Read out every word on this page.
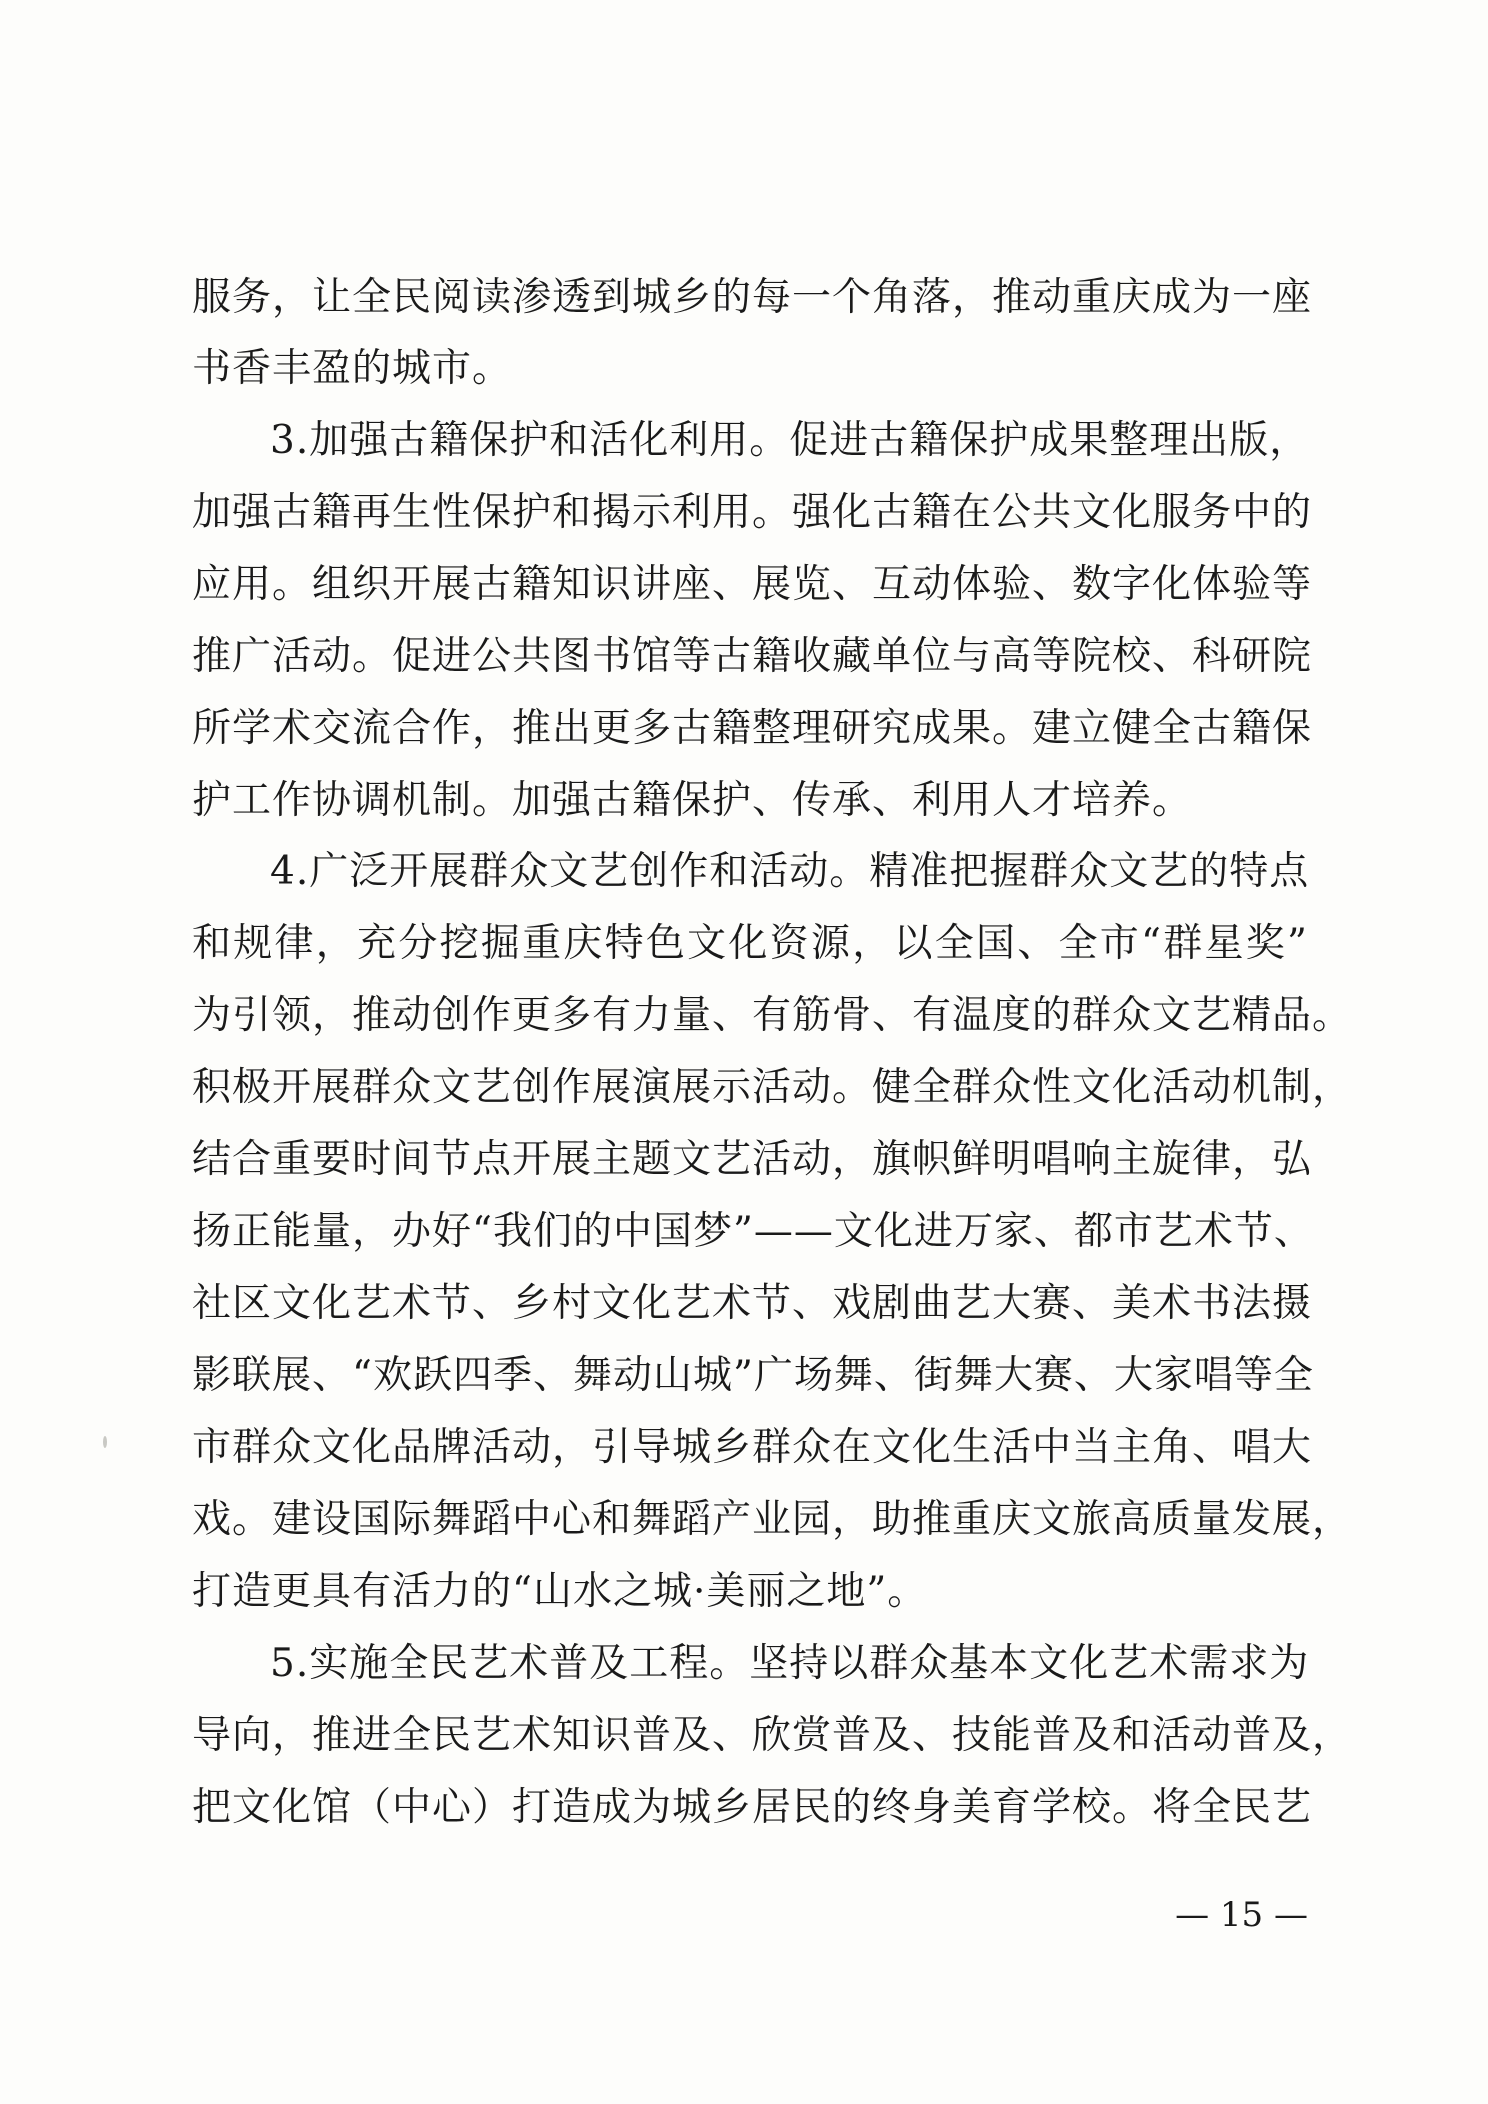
服务，让全民阅读渗透到城乡的每一个角落，推动重庆成为一座

书香丰盈的城市。

3.加强古籍保护和活化利用。促进古籍保护成果整理出版，

加强古籍再生性保护和揭示利用。强化古籍在公共文化服务中的

应用。组织开展古籍知识讲座、展览、互动体验、数字化体验等

推广活动。促进公共图书馆等古籍收藏单位与高等院校、科研院

所学术交流合作，推出更多古籍整理研究成果。建立健全古籍保

护工作协调机制。加强古籍保护、传承、利用人才培养。

4.广泛开展群众文艺创作和活动。精准把握群众文艺的特点

和规律，充分挖掘重庆特色文化资源，以全国、全市“群星奖”

为引领，推动创作更多有力量、有筋骨、有温度的群众文艺精品。

积极开展群众文艺创作展演展示活动。健全群众性文化活动机制，

结合重要时间节点开展主题文艺活动，旗帜鲜明唱响主旋律，弘

扬正能量，办好“我们的中国梦”——文化进万家、都市艺术节、

社区文化艺术节、乡村文化艺术节、戏剧曲艺大赛、美术书法摄

影联展、“欢跃四季、舞动山城”广场舞、街舞大赛、大家唱等全

市群众文化品牌活动，引导城乡群众在文化生活中当主角、唱大

戏。建设国际舞蹈中心和舞蹈产业园，助推重庆文旅高质量发展，

打造更具有活力的“山水之城·美丽之地”。

5.实施全民艺术普及工程。坚持以群众基本文化艺术需求为

导向，推进全民艺术知识普及、欣赏普及、技能普及和活动普及，

把文化馆（中心）打造成为城乡居民的终身美育学校。将全民艺

— 15 —
